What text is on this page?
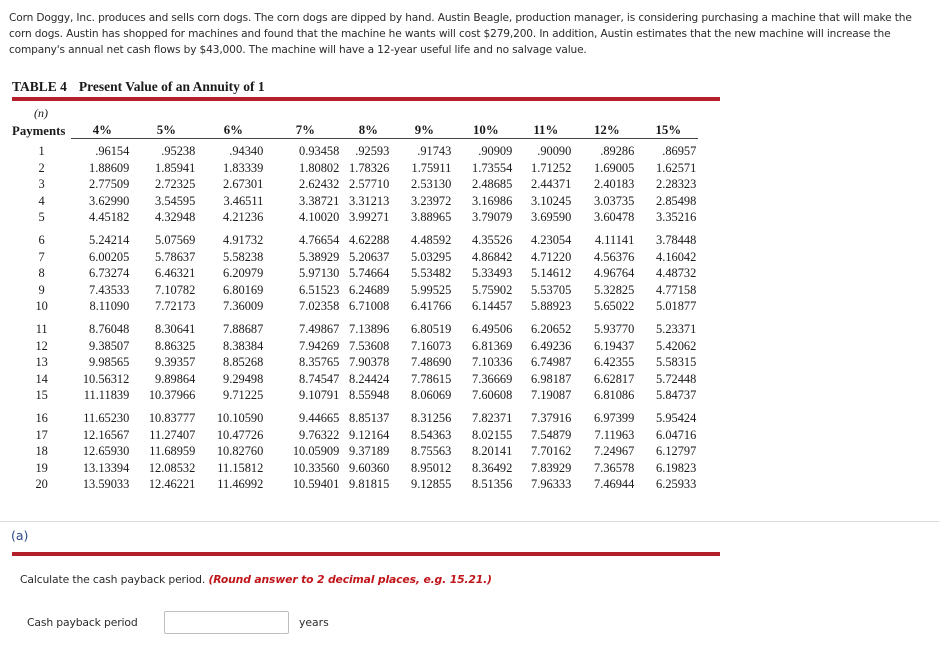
Corn Doggy, Inc. produces and sells corn dogs. The corn dogs are dipped by hand. Austin Beagle, production manager, is considering purchasing a machine that will make the corn dogs. Austin has shopped for machines and found that the machine he wants will cost $279,200. In addition, Austin estimates that the new machine will increase the company's annual net cash flows by $43,000. The machine will have a 12-year useful life and no salvage value.
TABLE 4 Present Value of an Annuity of 1
(n)
Payments	4%	5%	6%	7%	8%	9%	10%	11%	12%	15%
1	.96154	.95238	.94340	0.93458	.92593	.91743	.90909	.90090	.89286	.86957
2	1.88609	1.85941	1.83339	1.80802	1.78326	1.75911	1.73554	1.71252	1.69005	1.62571
3	2.77509	2.72325	2.67301	2.62432	2.57710	2.53130	2.48685	2.44371	2.40183	2.28323
4	3.62990	3.54595	3.46511	3.38721	3.31213	3.23972	3.16986	3.10245	3.03735	2.85498
5	4.45182	4.32948	4.21236	4.10020	3.99271	3.88965	3.79079	3.69590	3.60478	3.35216
6	5.24214	5.07569	4.91732	4.76654	4.62288	4.48592	4.35526	4.23054	4.11141	3.78448
7	6.00205	5.78637	5.58238	5.38929	5.20637	5.03295	4.86842	4.71220	4.56376	4.16042
8	6.73274	6.46321	6.20979	5.97130	5.74664	5.53482	5.33493	5.14612	4.96764	4.48732
9	7.43533	7.10782	6.80169	6.51523	6.24689	5.99525	5.75902	5.53705	5.32825	4.77158
10	8.11090	7.72173	7.36009	7.02358	6.71008	6.41766	6.14457	5.88923	5.65022	5.01877
11	8.76048	8.30641	7.88687	7.49867	7.13896	6.80519	6.49506	6.20652	5.93770	5.23371
12	9.38507	8.86325	8.38384	7.94269	7.53608	7.16073	6.81369	6.49236	6.19437	5.42062
13	9.98565	9.39357	8.85268	8.35765	7.90378	7.48690	7.10336	6.74987	6.42355	5.58315
14	10.56312	9.89864	9.29498	8.74547	8.24424	7.78615	7.36669	6.98187	6.62817	5.72448
15	11.11839	10.37966	9.71225	9.10791	8.55948	8.06069	7.60608	7.19087	6.81086	5.84737
16	11.65230	10.83777	10.10590	9.44665	8.85137	8.31256	7.82371	7.37916	6.97399	5.95424
17	12.16567	11.27407	10.47726	9.76322	9.12164	8.54363	8.02155	7.54879	7.11963	6.04716
18	12.65930	11.68959	10.82760	10.05909	9.37189	8.75563	8.20141	7.70162	7.24967	6.12797
19	13.13394	12.08532	11.15812	10.33560	9.60360	8.95012	8.36492	7.83929	7.36578	6.19823
20	13.59033	12.46221	11.46992	10.59401	9.81815	9.12855	8.51356	7.96333	7.46944	6.25933
(a)
Calculate the cash payback period. (Round answer to 2 decimal places, e.g. 15.21.)
Cash payback period	years
